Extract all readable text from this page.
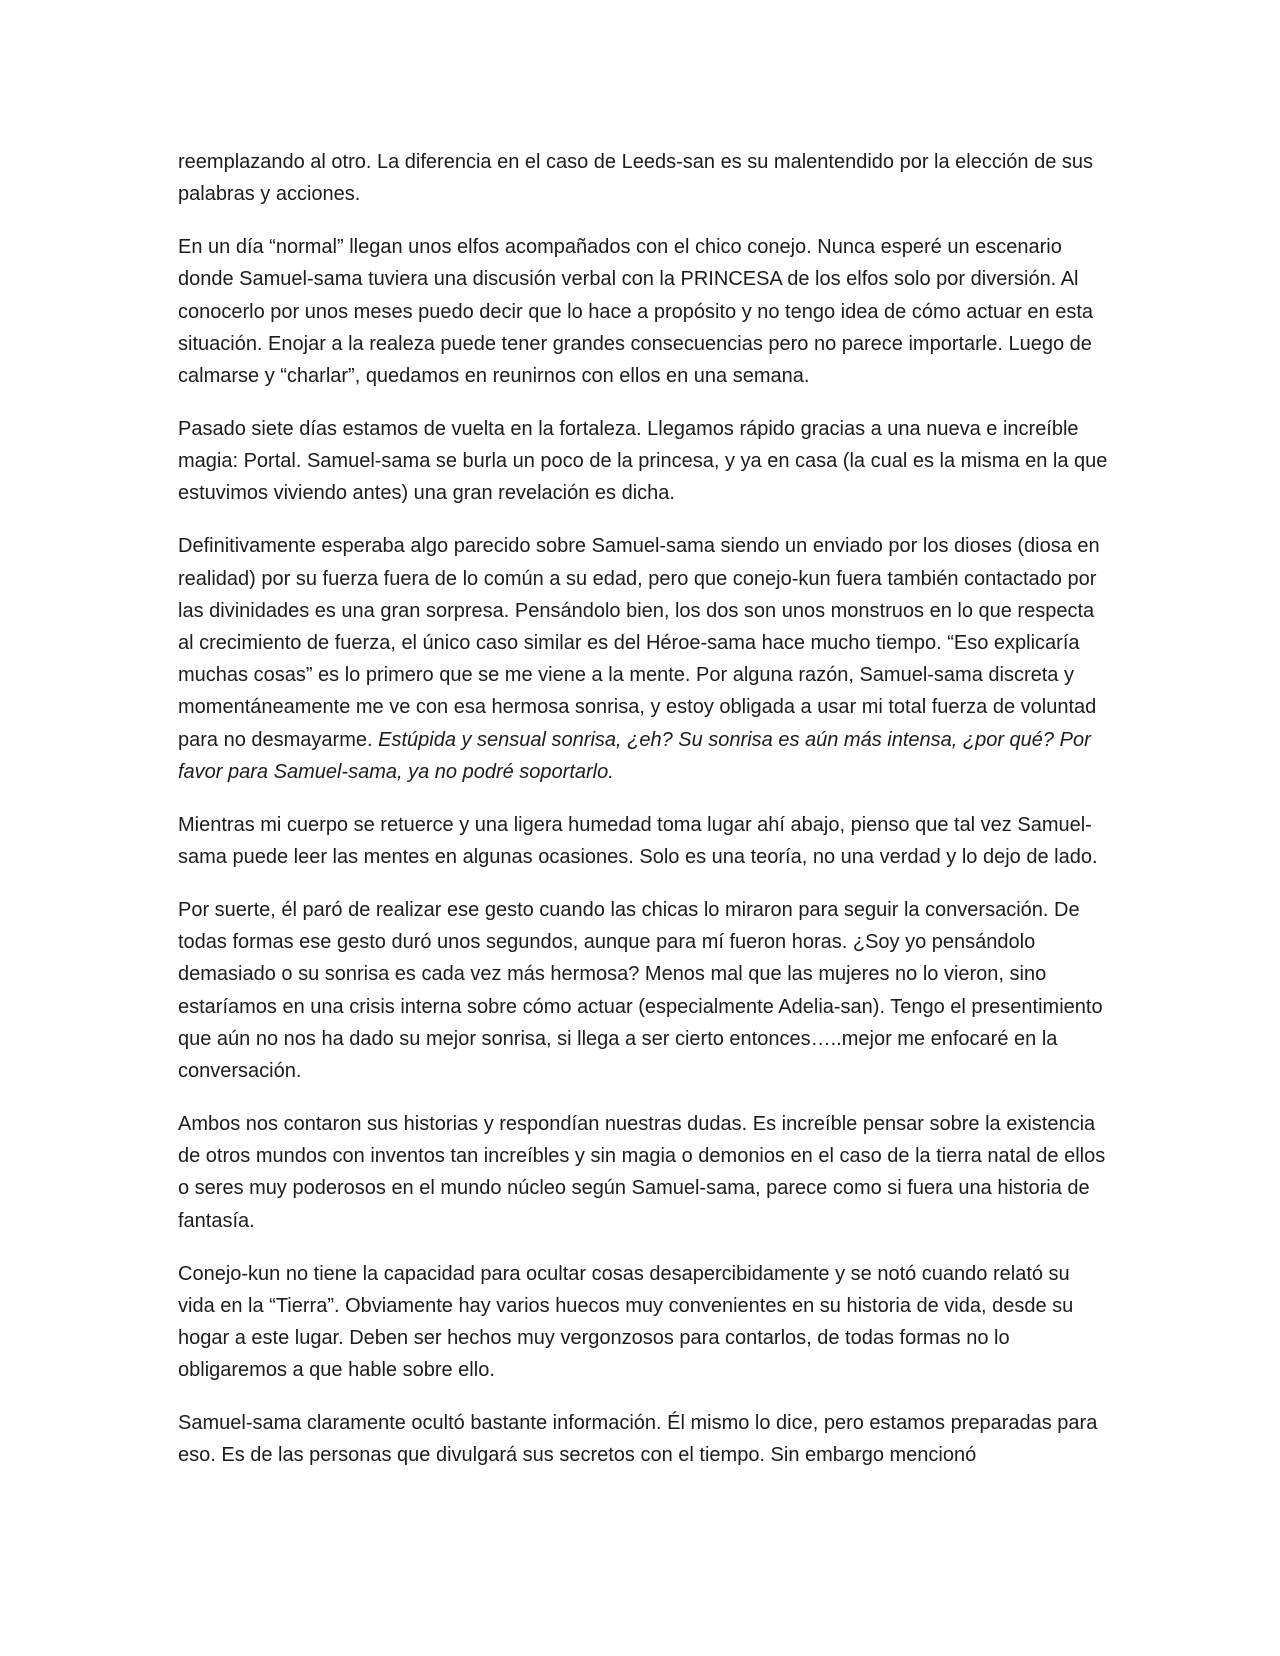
reemplazando al otro. La diferencia en el caso de Leeds-san es su malentendido por la elección de sus palabras y acciones.

En un día “normal” llegan unos elfos acompañados con el chico conejo. Nunca esperé un escenario donde Samuel-sama tuviera una discusión verbal con la PRINCESA de los elfos solo por diversión. Al conocerlo por unos meses puedo decir que lo hace a propósito y no tengo idea de cómo actuar en esta situación. Enojar a la realeza puede tener grandes consecuencias pero no parece importarle. Luego de calmarse y “charlar”, quedamos en reunirnos con ellos en una semana.

Pasado siete días estamos de vuelta en la fortaleza. Llegamos rápido gracias a una nueva e increíble magia: Portal. Samuel-sama se burla un poco de la princesa, y ya en casa (la cual es la misma en la que estuvimos viviendo antes) una gran revelación es dicha.

Definitivamente esperaba algo parecido sobre Samuel-sama siendo un enviado por los dioses (diosa en realidad) por su fuerza fuera de lo común a su edad, pero que conejo-kun fuera también contactado por las divinidades es una gran sorpresa. Pensándolo bien, los dos son unos monstruos en lo que respecta al crecimiento de fuerza, el único caso similar es del Héroe-sama hace mucho tiempo. “Eso explicaría muchas cosas” es lo primero que se me viene a la mente. Por alguna razón, Samuel-sama discreta y momentáneamente me ve con esa hermosa sonrisa, y estoy obligada a usar mi total fuerza de voluntad para no desmayarme. Estúpida y sensual sonrisa, ¿eh? Su sonrisa es aún más intensa, ¿por qué? Por favor para Samuel-sama, ya no podré soportarlo.

Mientras mi cuerpo se retuerce y una ligera humedad toma lugar ahí abajo, pienso que tal vez Samuel-sama puede leer las mentes en algunas ocasiones. Solo es una teoría, no una verdad y lo dejo de lado.

Por suerte, él paró de realizar ese gesto cuando las chicas lo miraron para seguir la conversación. De todas formas ese gesto duró unos segundos, aunque para mí fueron horas. ¿Soy yo pensándolo demasiado o su sonrisa es cada vez más hermosa? Menos mal que las mujeres no lo vieron, sino estaríamos en una crisis interna sobre cómo actuar (especialmente Adelia-san). Tengo el presentimiento que aún no nos ha dado su mejor sonrisa, si llega a ser cierto entonces…..mejor me enfocaré en la conversación.

Ambos nos contaron sus historias y respondían nuestras dudas. Es increíble pensar sobre la existencia de otros mundos con inventos tan increíbles y sin magia o demonios en el caso de la tierra natal de ellos o seres muy poderosos en el mundo núcleo según Samuel-sama, parece como si fuera una historia de fantasía.

Conejo-kun no tiene la capacidad para ocultar cosas desapercibidamente y se notó cuando relató su vida en la “Tierra”. Obviamente hay varios huecos muy convenientes en su historia de vida, desde su hogar a este lugar. Deben ser hechos muy vergonzosos para contarlos, de todas formas no lo obligaremos a que hable sobre ello.

Samuel-sama claramente ocultó bastante información. Él mismo lo dice, pero estamos preparadas para eso. Es de las personas que divulgará sus secretos con el tiempo. Sin embargo mencionó
